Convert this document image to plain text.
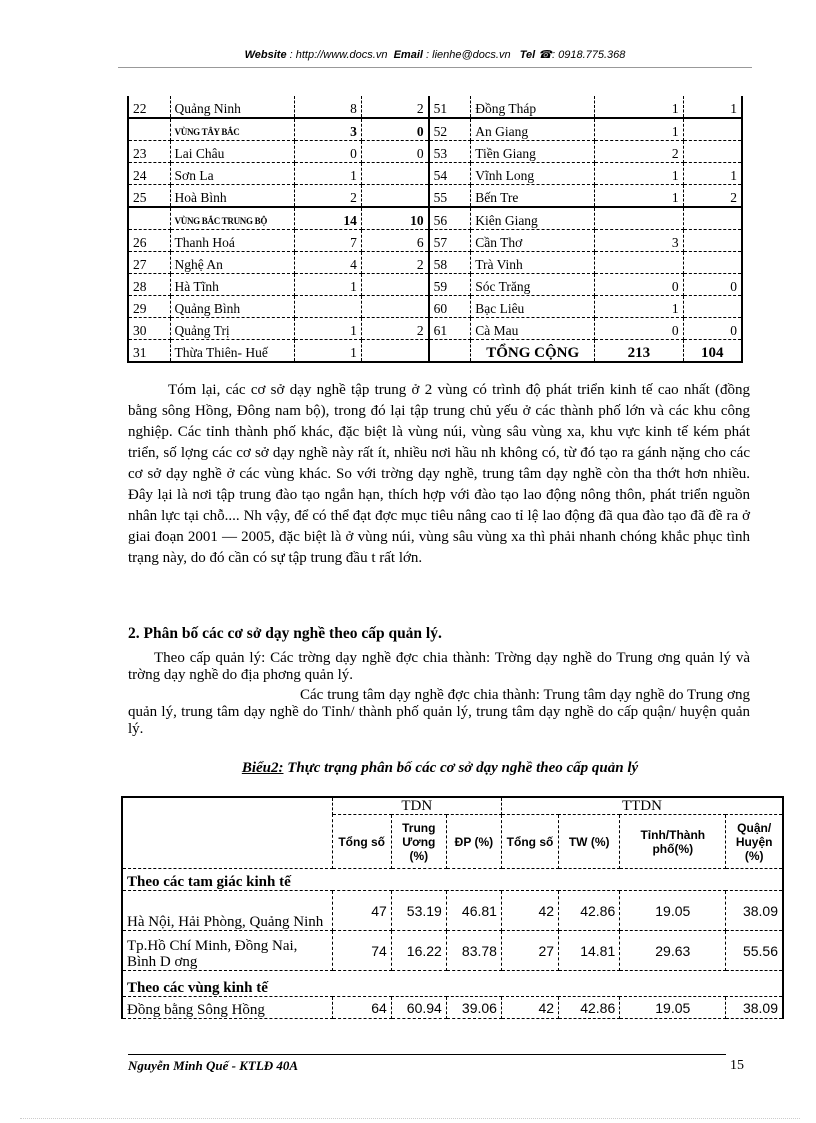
Website : http://www.docs.vn Email : lienhe@docs.vn Tel ☎: 0918.775.368
22	Quảng Ninh	8	2	51	Đồng Tháp	1	1
	VÙNG TÂY BẮC	3	0	52	An Giang	1	
23	Lai Châu	0	0	53	Tiền Giang	2	
24	Sơn La	1		54	Vĩnh Long	1	1
25	Hoà Bình	2		55	Bến Tre	1	2
	VÙNG BẮC TRUNG BỘ	14	10	56	Kiên Giang		
26	Thanh Hoá	7	6	57	Cần Thơ	3	
27	Nghệ An	4	2	58	Trà Vinh		
28	Hà Tĩnh	1		59	Sóc Trăng	0	0
29	Quảng Bình			60	Bạc Liêu	1	
30	Quảng Trị	1	2	61	Cà Mau	0	0
31	Thừa Thiên- Huế	1			TỔNG CỘNG	213	104
Tóm lại, các cơ sở dạy nghề tập trung ở 2 vùng có trình độ phát triển kinh tế cao nhất (đồng bằng sông Hồng, Đông nam bộ), trong đó lại tập trung chủ yếu ở các thành phố lớn và các khu công nghiệp. Các tỉnh thành phố khác, đặc biệt là vùng núi, vùng sâu vùng xa, khu vực kinh tế kém phát triển, số lợng các cơ sở dạy nghề này rất ít, nhiều nơi hầu nh không có, từ đó tạo ra gánh nặng cho các cơ sở dạy nghề ở các vùng khác. So với trờng dạy nghề, trung tâm dạy nghề còn tha thớt hơn nhiều. Đây lại là nơi tập trung đào tạo ngắn hạn, thích hợp với đào tạo lao động nông thôn, phát triển nguồn nhân lực tại chỗ.... Nh vậy, để có thể đạt đợc mục tiêu nâng cao tỉ lệ lao động đã qua đào tạo đã đề ra ở giai đoạn 2001 — 2005, đặc biệt là ở vùng núi, vùng sâu vùng xa thì phải nhanh chóng khắc phục tình trạng này, do đó cần có sự tập trung đầu t rất lớn.
2. Phân bố các cơ sở dạy nghề theo cấp quản lý.
Theo cấp quản lý: Các trờng dạy nghề đợc chia thành: Trờng dạy nghề do Trung ơng quản lý và trờng dạy nghề do địa phơng quản lý.
Các trung tâm dạy nghề đợc chia thành: Trung tâm dạy nghề do Trung ơng quản lý, trung tâm dạy nghề do Tỉnh/ thành phố quản lý, trung tâm dạy nghề do cấp quận/ huyện quản lý.
Biểu2: Thực trạng phân bố các cơ sở dạy nghề theo cấp quản lý
	TDN			TTDN			
	Tổng số	Trung Ương (%)	ĐP (%)	Tổng số	TW (%)	Tỉnh/Thành phố(%)	Quận/ Huyện (%)
Theo các tam giác kinh tế							
Hà Nội, Hải Phòng, Quảng Ninh	47	53.19	46.81	42	42.86	19.05	38.09
Tp.Hồ Chí Minh, Đồng Nai, Bình D ơng	74	16.22	83.78	27	14.81	29.63	55.56
Theo các vùng kinh tế							
Đồng bằng Sông Hồng	64	60.94	39.06	42	42.86	19.05	38.09
Nguyễn Minh Quế - KTLĐ 40A	15
